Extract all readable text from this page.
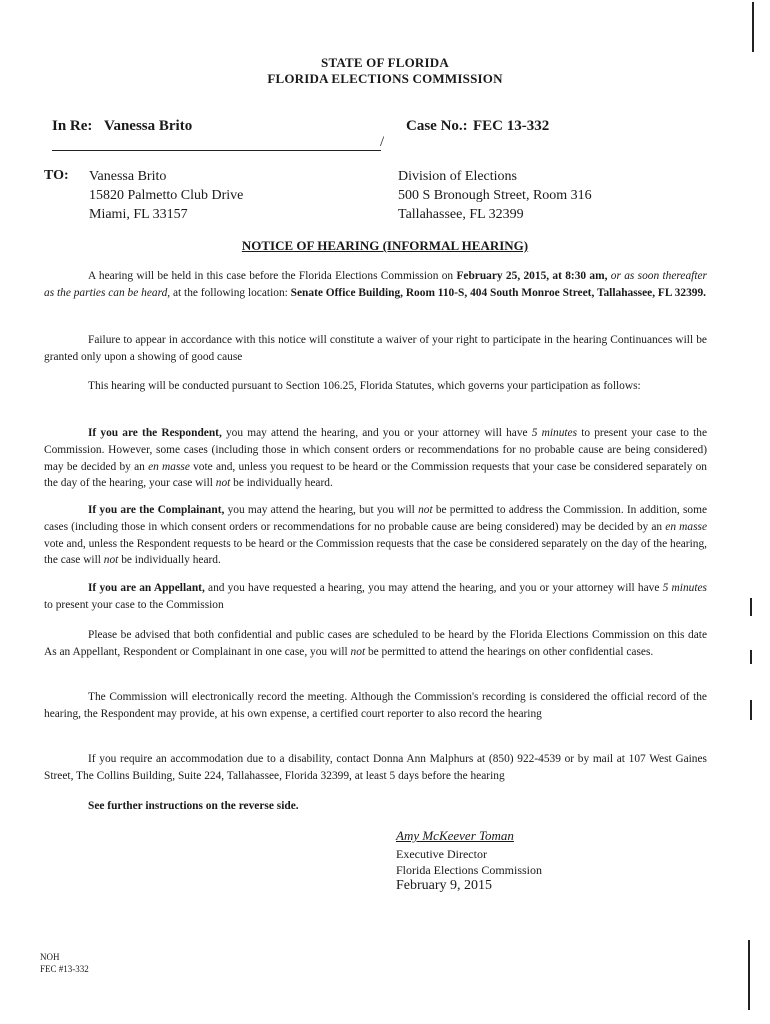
STATE OF FLORIDA
FLORIDA ELECTIONS COMMISSION
In Re: Vanessa Brito
/
Case No.: FEC 13-332
TO: Vanessa Brito
15820 Palmetto Club Drive
Miami, FL 33157
Division of Elections
500 S Bronough Street, Room 316
Tallahassee, FL 32399
NOTICE OF HEARING (INFORMAL HEARING)
A hearing will be held in this case before the Florida Elections Commission on February 25, 2015, at 8:30 am, or as soon thereafter as the parties can be heard, at the following location: Senate Office Building, Room 110-S, 404 South Monroe Street, Tallahassee, FL 32399.
Failure to appear in accordance with this notice will constitute a waiver of your right to participate in the hearing Continuances will be granted only upon a showing of good cause
This hearing will be conducted pursuant to Section 106.25, Florida Statutes, which governs your participation as follows:
If you are the Respondent, you may attend the hearing, and you or your attorney will have 5 minutes to present your case to the Commission. However, some cases (including those in which consent orders or recommendations for no probable cause are being considered) may be decided by an en masse vote and, unless you request to be heard or the Commission requests that your case be considered separately on the day of the hearing, your case will not be individually heard.
If you are the Complainant, you may attend the hearing, but you will not be permitted to address the Commission. In addition, some cases (including those in which consent orders or recommendations for no probable cause are being considered) may be decided by an en masse vote and, unless the Respondent requests to be heard or the Commission requests that the case be considered separately on the day of the hearing, the case will not be individually heard.
If you are an Appellant, and you have requested a hearing, you may attend the hearing, and you or your attorney will have 5 minutes to present your case to the Commission
Please be advised that both confidential and public cases are scheduled to be heard by the Florida Elections Commission on this date As an Appellant, Respondent or Complainant in one case, you will not be permitted to attend the hearings on other confidential cases.
The Commission will electronically record the meeting. Although the Commission's recording is considered the official record of the hearing, the Respondent may provide, at his own expense, a certified court reporter to also record the hearing
If you require an accommodation due to a disability, contact Donna Ann Malphurs at (850) 922-4539 or by mail at 107 West Gaines Street, The Collins Building, Suite 224, Tallahassee, Florida 32399, at least 5 days before the hearing
See further instructions on the reverse side.
Amy McKeever Toman
Executive Director
Florida Elections Commission
February 9, 2015
NOH
FEC #13-332
